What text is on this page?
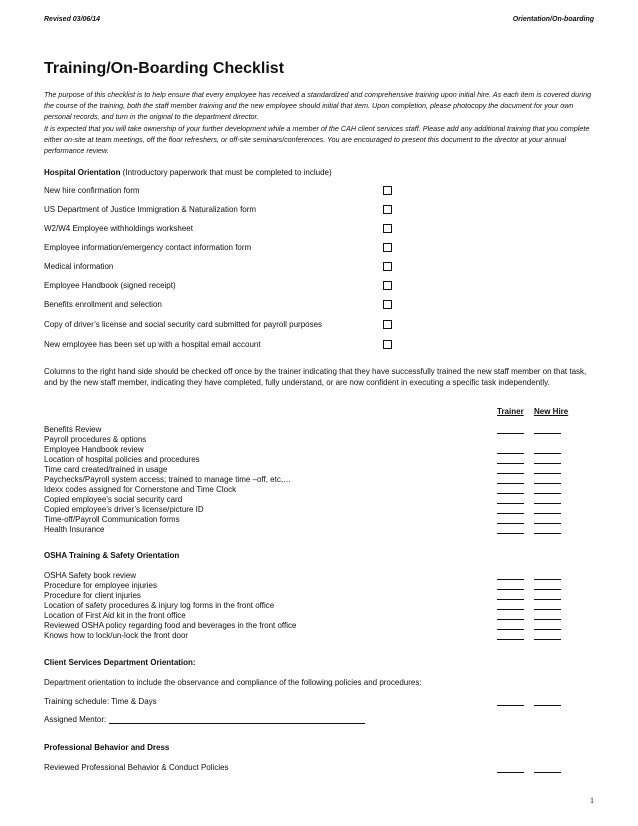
Revised 03/06/14	Orientation/On-boarding
Training/On-Boarding Checklist
The purpose of this checklist is to help ensure that every employee has received a standardized and comprehensive training upon initial hire. As each item is covered during the course of the training, both the staff member training and the new employee should initial that item. Upon completion, please photocopy the document for your own personal records, and turn in the original to the department director.
It is expected that you will take ownership of your further development while a member of the CAH client services staff. Please add any additional training that you complete either on-site at team meetings, off the floor refreshers, or off-site seminars/conferences. You are encouraged to present this document to the director at your annual performance review.
Hospital Orientation (Introductory paperwork that must be completed to include)
New hire confirmation form
US Department of Justice Immigration & Naturalization form
W2/W4 Employee withholdings worksheet
Employee information/emergency contact information form
Medical information
Employee Handbook (signed receipt)
Benefits enrollment and selection
Copy of driver’s license and social security card submitted for payroll purposes
New employee has been set up with a hospital email account
Columns to the right hand side should be checked off once by the trainer indicating that they have successfully trained the new staff member on that task, and by the new staff member, indicating they have completed, fully understand, or are now confident in executing a specific task independently.
Trainer New Hire
Benefits Review
Payroll procedures & options
Employee Handbook review
Location of hospital policies and procedures
Time card created/trained in usage
Paychecks/Payroll system access; trained to manage time –off, etc,…
Idexx codes assigned for Cornerstone and Time Clock
Copied employee’s social security card
Copied employee’s driver’s license/picture ID
Time-off/Payroll Communication forms
Health Insurance
OSHA Training & Safety Orientation
OSHA Safety book review
Procedure for employee injuries
Procedure for client injuries
Location of safety procedures & injury log forms in the front office
Location of First Aid kit in the front office
Reviewed OSHA policy regarding food and beverages in the front office
Knows how to lock/un-lock the front door
Client Services Department Orientation:
Department orientation to include the observance and compliance of the following policies and procedures:
Training schedule: Time & Days
Assigned Mentor:
Professional Behavior and Dress
Reviewed Professional Behavior & Conduct Policies
1
